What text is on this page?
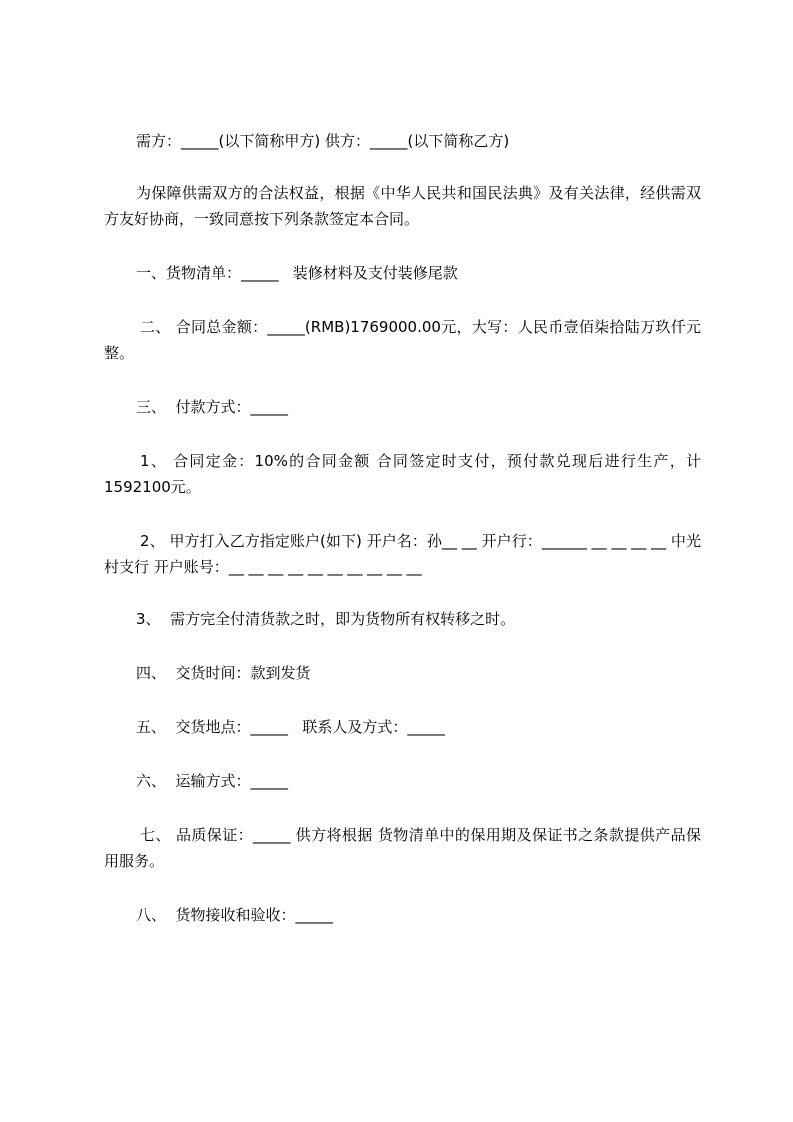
需方：_____(以下简称甲方) 供方：_____(以下简称乙方)

为保障供需双方的合法权益，根据《中华人民共和国民法典》及有关法律，经供需双方友好协商，一致同意按下列条款签定本合同。

一、货物清单：_____   装修材料及支付装修尾款

二、 合同总金额：_____(RMB)1769000.00元，大写：人民币壹佰柒拾陆万玖仟元整。

三、  付款方式：_____

1、 合同定金：10%的合同金额 合同签定时支付，预付款兑现后进行生产，计1592100元。

2、 甲方打入乙方指定账户(如下) 开户名：孙__ __ 开户行：______ __ __ __ __ 中光村支行 开户账号：__ __ __ __ __ __ __ __ __ __

3、  需方完全付清货款之时，即为货物所有权转移之时。

四、  交货时间：款到发货

五、  交货地点：_____   联系人及方式：_____

六、  运输方式：_____

七、 品质保证：_____ 供方将根据 货物清单中的保用期及保证书之条款提供产品保用服务。

八、  货物接收和验收：_____
